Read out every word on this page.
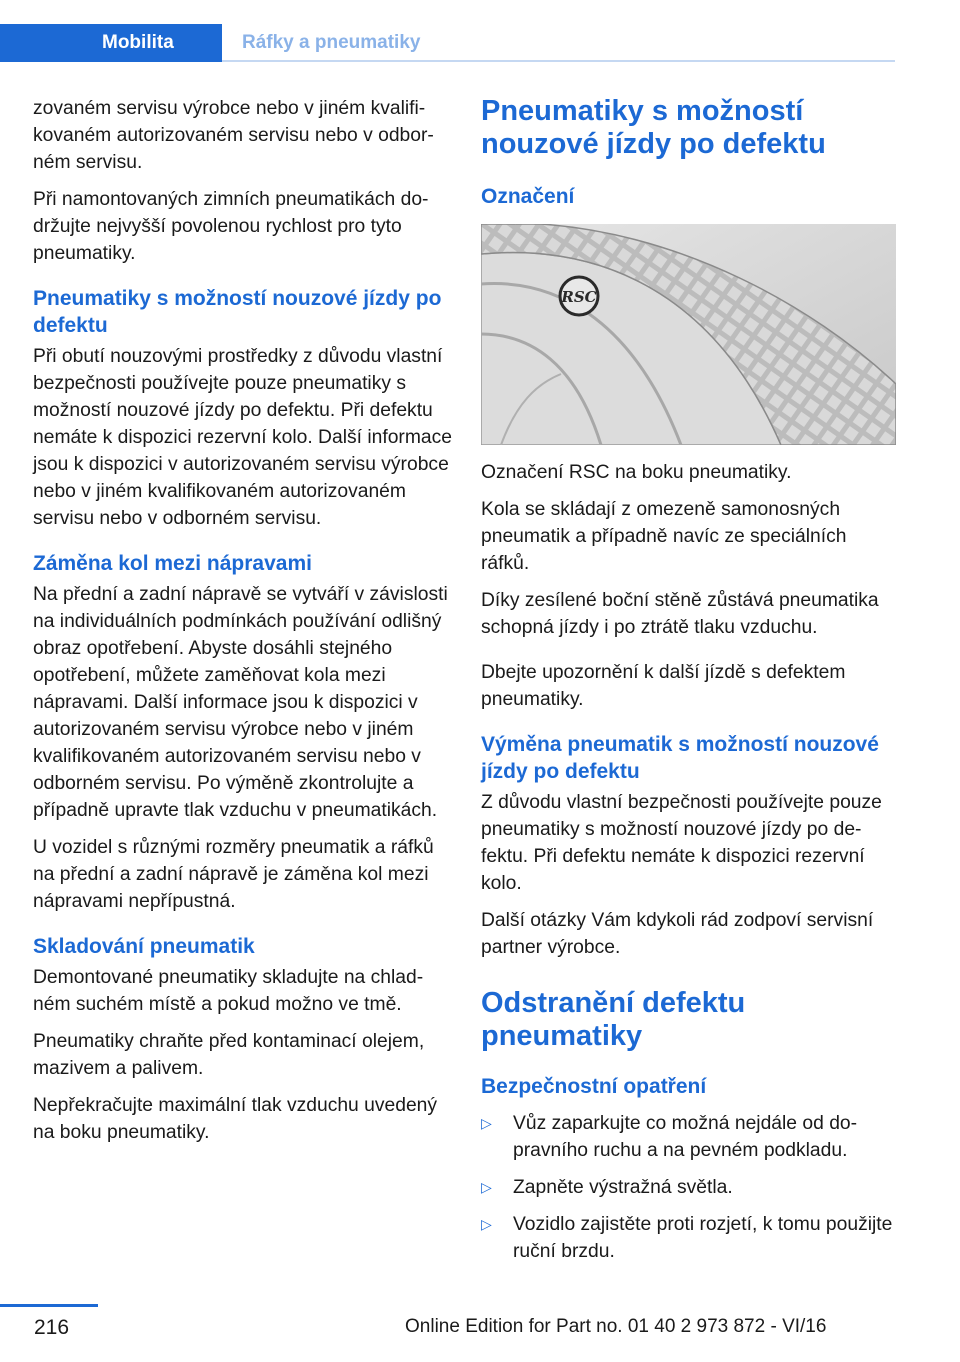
Mobilita	Ráfky a pneumatiky

zovaném servisu výrobce nebo v jiném kvalifikovaném autorizovaném servisu nebo v odborném servisu.

Při namontovaných zimních pneumatikách dodržujte nejvyšší povolenou rychlost pro tyto pneumatiky.

Pneumatiky s možností nouzové jízdy po defektu

Při obutí nouzovými prostředky z důvodu vlastní bezpečnosti používejte pouze pneumatiky s možností nouzové jízdy po defektu. Při defektu nemáte k dispozici rezervní kolo. Další informace jsou k dispozici v autorizovaném servisu výrobce nebo v jiném kvalifikovaném autorizovaném servisu nebo v odborném servisu.

Záměna kol mezi nápravami

Na přední a zadní nápravě se vytváří v závislosti na individuálních podmínkách používání odlišný obraz opotřebení. Abyste dosáhli stejného opotřebení, můžete zaměňovat kola mezi nápravami. Další informace jsou k dispozici v autorizovaném servisu výrobce nebo v jiném kvalifikovaném autorizovaném servisu nebo v odborném servisu. Po výměně zkontrolujte a případně upravte tlak vzduchu v pneumatikách.

U vozidel s různými rozměry pneumatik a ráfků na přední a zadní nápravě je záměna kol mezi nápravami nepřípustná.

Skladování pneumatik

Demontované pneumatiky skladujte na chladném suchém místě a pokud možno ve tmě.

Pneumatiky chraňte před kontaminací olejem, mazivem a palivem.

Nepřekračujte maximální tlak vzduchu uvedený na boku pneumatiky.

Pneumatiky s možností nouzové jízdy po defektu
Označení
RSC

Označení RSC na boku pneumatiky.

Kola se skládají z omezeně samonosných pneumatik a případně navíc ze speciálních ráfků.

Díky zesílené boční stěně zůstává pneumatika schopná jízdy i po ztrátě tlaku vzduchu.

Dbejte upozornění k další jízdě s defektem pneumatiky.

Výměna pneumatik s možností nouzové jízdy po defektu

Z důvodu vlastní bezpečnosti používejte pouze pneumatiky s možností nouzové jízdy po defektu. Při defektu nemáte k dispozici rezervní kolo.

Další otázky Vám kdykoli rád zodpoví servisní partner výrobce.

Odstranění defektu pneumatiky
Bezpečnostní opatření
▷ Vůz zaparkujte co možná nejdále od dopravního ruchu a na pevném podkladu.
▷ Zapněte výstražná světla.
▷ Vozidlo zajistěte proti rozjetí, k tomu použijte ruční brzdu.
216	Online Edition for Part no. 01 40 2 973 872 - VI/16
